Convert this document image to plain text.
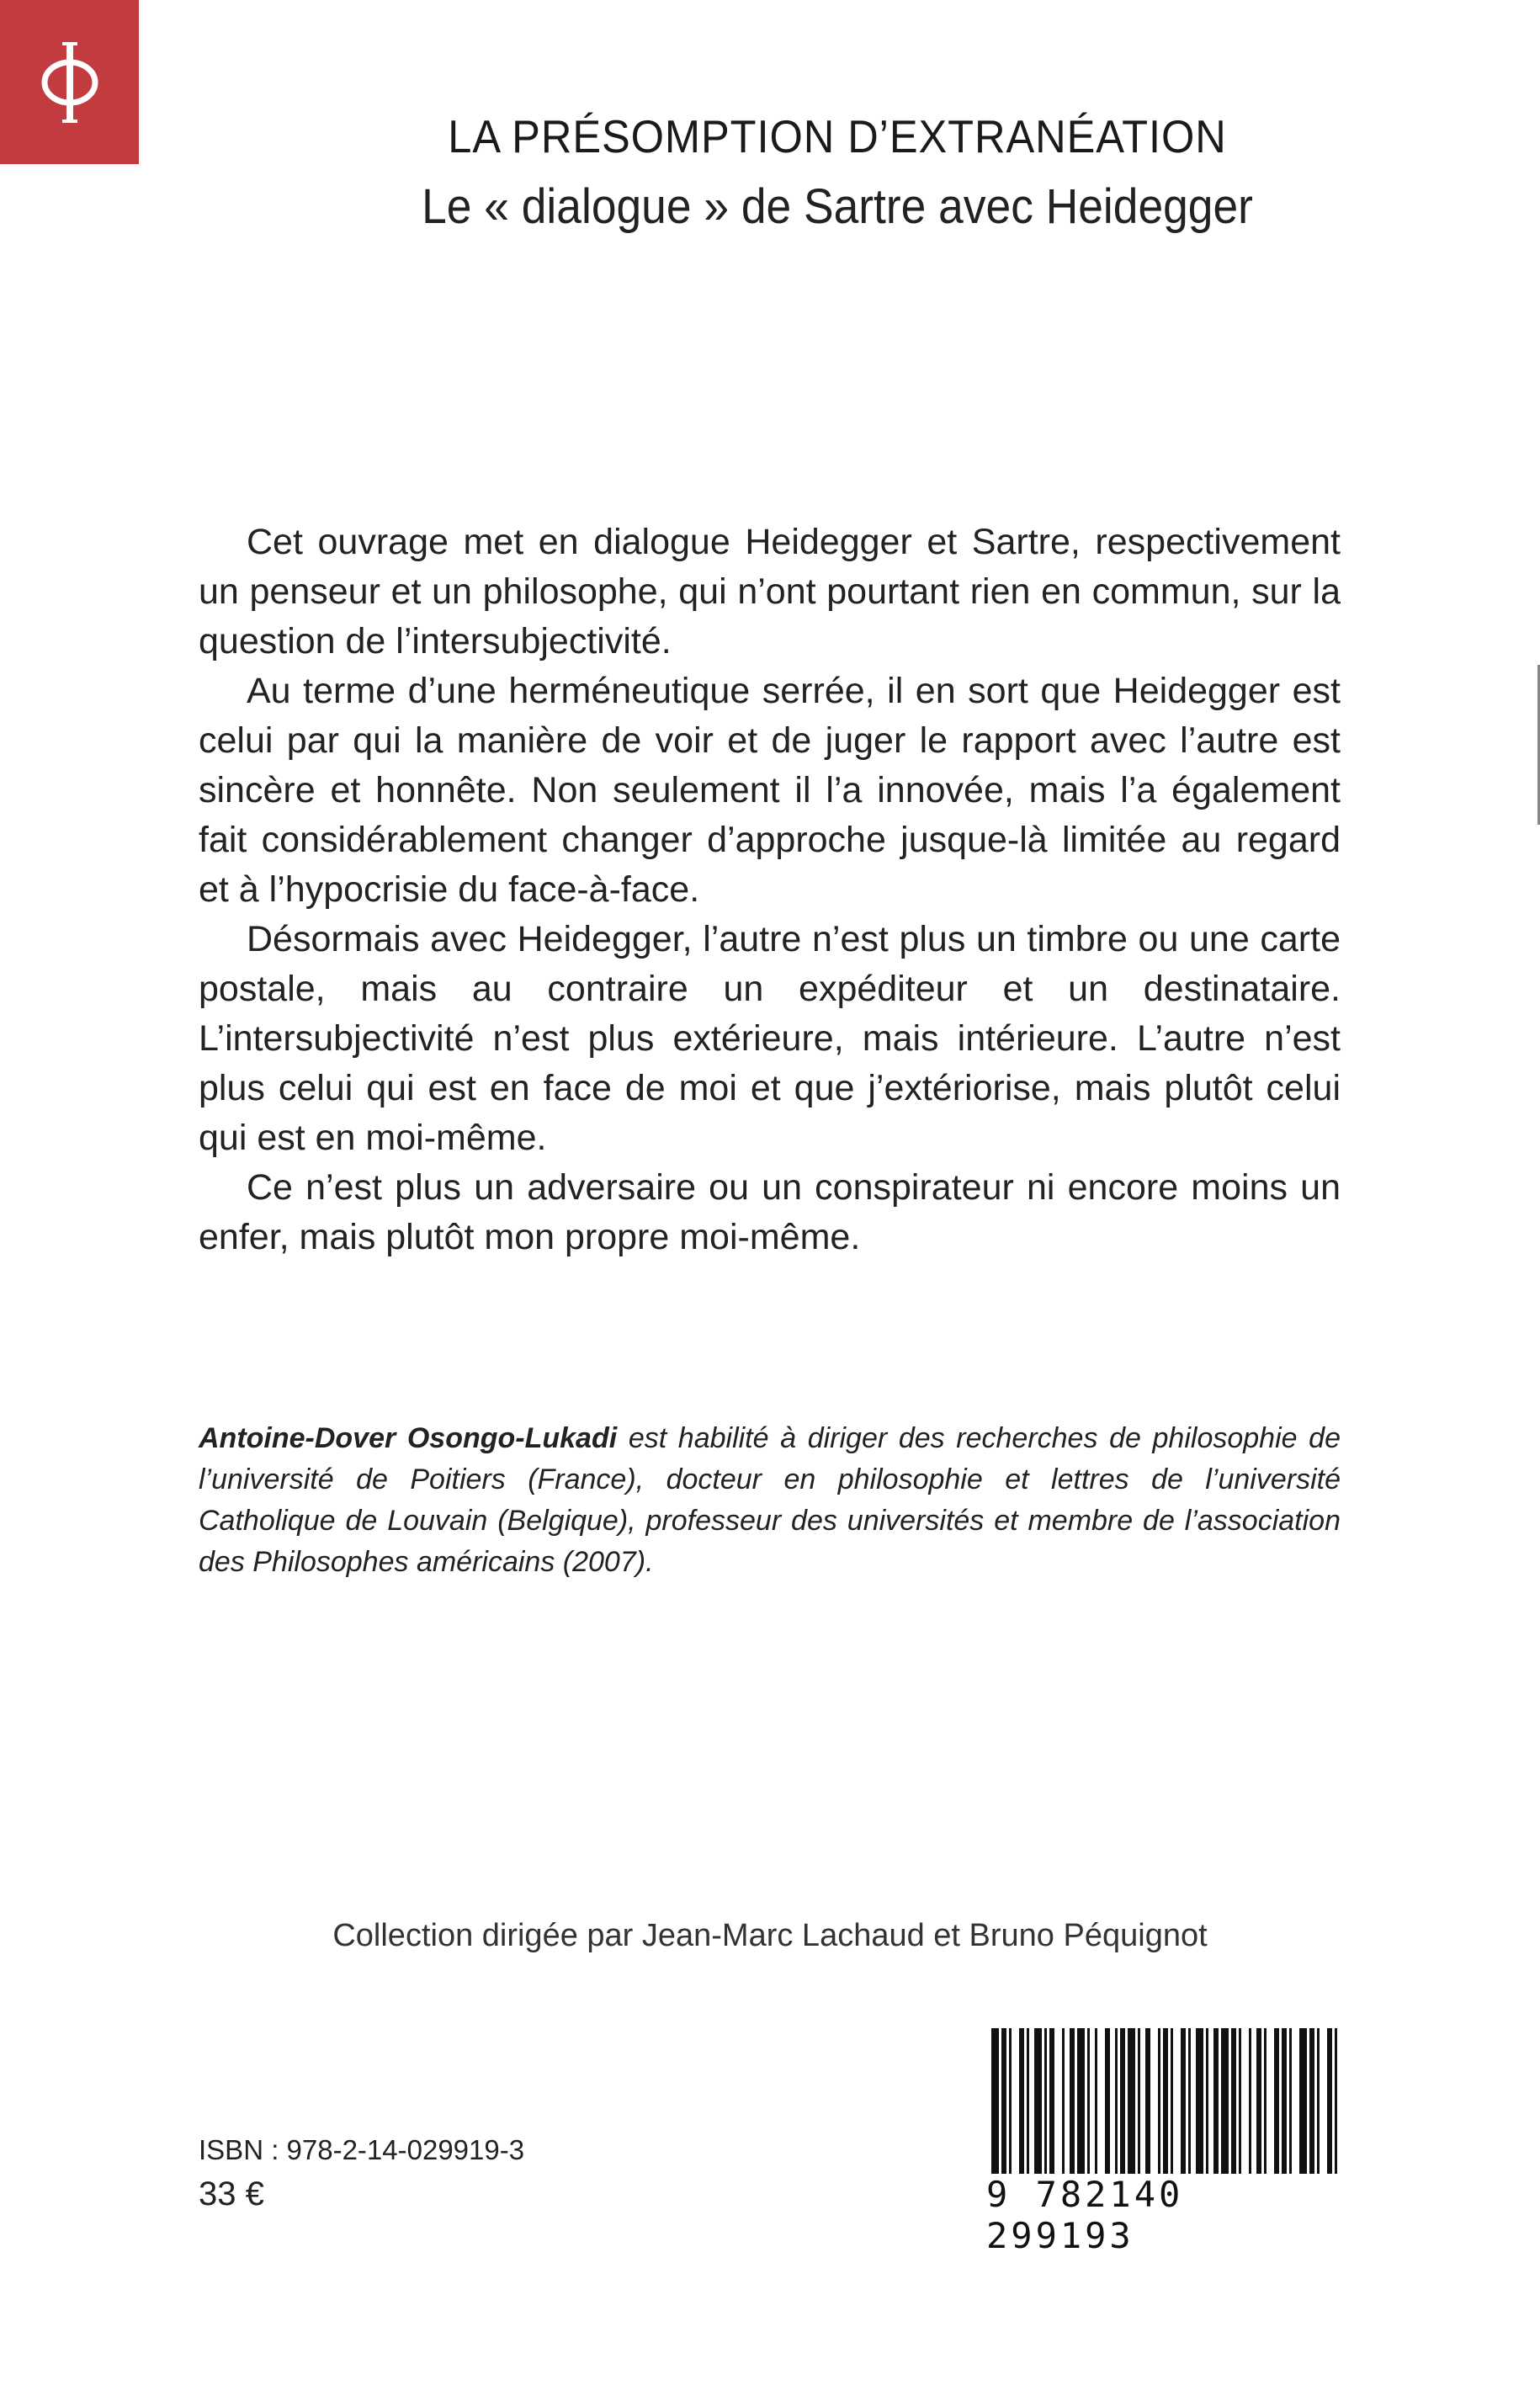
LA PRÉSOMPTION D’EXTRANÉATION
Le « dialogue » de Sartre avec Heidegger

Cet ouvrage met en dialogue Heidegger et Sartre, respectivement un penseur et un philosophe, qui n’ont pourtant rien en commun, sur la question de l’intersubjectivité.

Au terme d’une herméneutique serrée, il en sort que Heidegger est celui par qui la manière de voir et de juger le rapport avec l’autre est sincère et honnête. Non seulement il l’a innovée, mais l’a également fait considérablement changer d’approche jusque-là limitée au regard et à l’hypocrisie du face-à-face.

Désormais avec Heidegger, l’autre n’est plus un timbre ou une carte postale, mais au contraire un expéditeur et un destinataire. L’intersubjectivité n’est plus extérieure, mais intérieure. L’autre n’est plus celui qui est en face de moi et que j’extériorise, mais plutôt celui qui est en moi-même.

Ce n’est plus un adversaire ou un conspirateur ni encore moins un enfer, mais plutôt mon propre moi-même.

Antoine-Dover Osongo-Lukadi est habilité à diriger des recherches de philosophie de l’université de Poitiers (France), docteur en philosophie et lettres de l’université Catholique de Louvain (Belgique), professeur des universités et membre de l’association des Philosophes américains (2007).
Collection dirigée par Jean-Marc Lachaud et Bruno Péquignot
ISBN : 978-2-14-029919-3
33 €	9 782140 299193
